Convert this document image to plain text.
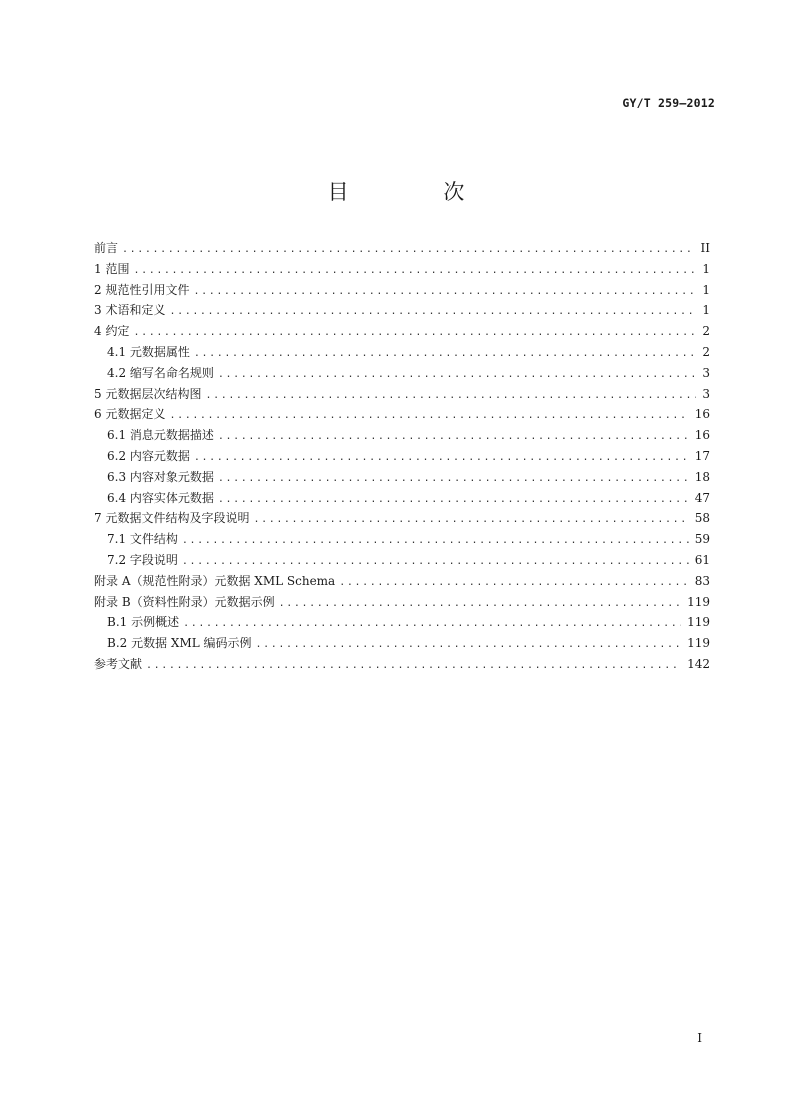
GY/T 259—2012
目 次
前言 .....	II
1 范围 .....	1
2 规范性引用文件 .....	1
3 术语和定义 .....	1
4 约定 .....	2
4.1 元数据属性 .....	2
4.2 缩写名命名规则 .....	3
5 元数据层次结构图 .....	3
6 元数据定义 .....	16
6.1 消息元数据描述 .....	16
6.2 内容元数据 .....	17
6.3 内容对象元数据 .....	18
6.4 内容实体元数据 .....	47
7 元数据文件结构及字段说明 .....	58
7.1 文件结构 .....	59
7.2 字段说明 .....	61
附录 A（规范性附录）元数据 XML Schema .....	83
附录 B（资料性附录）元数据示例 .....	119
B.1 示例概述 .....	119
B.2 元数据 XML 编码示例 .....	119
参考文献 .....	142
I
